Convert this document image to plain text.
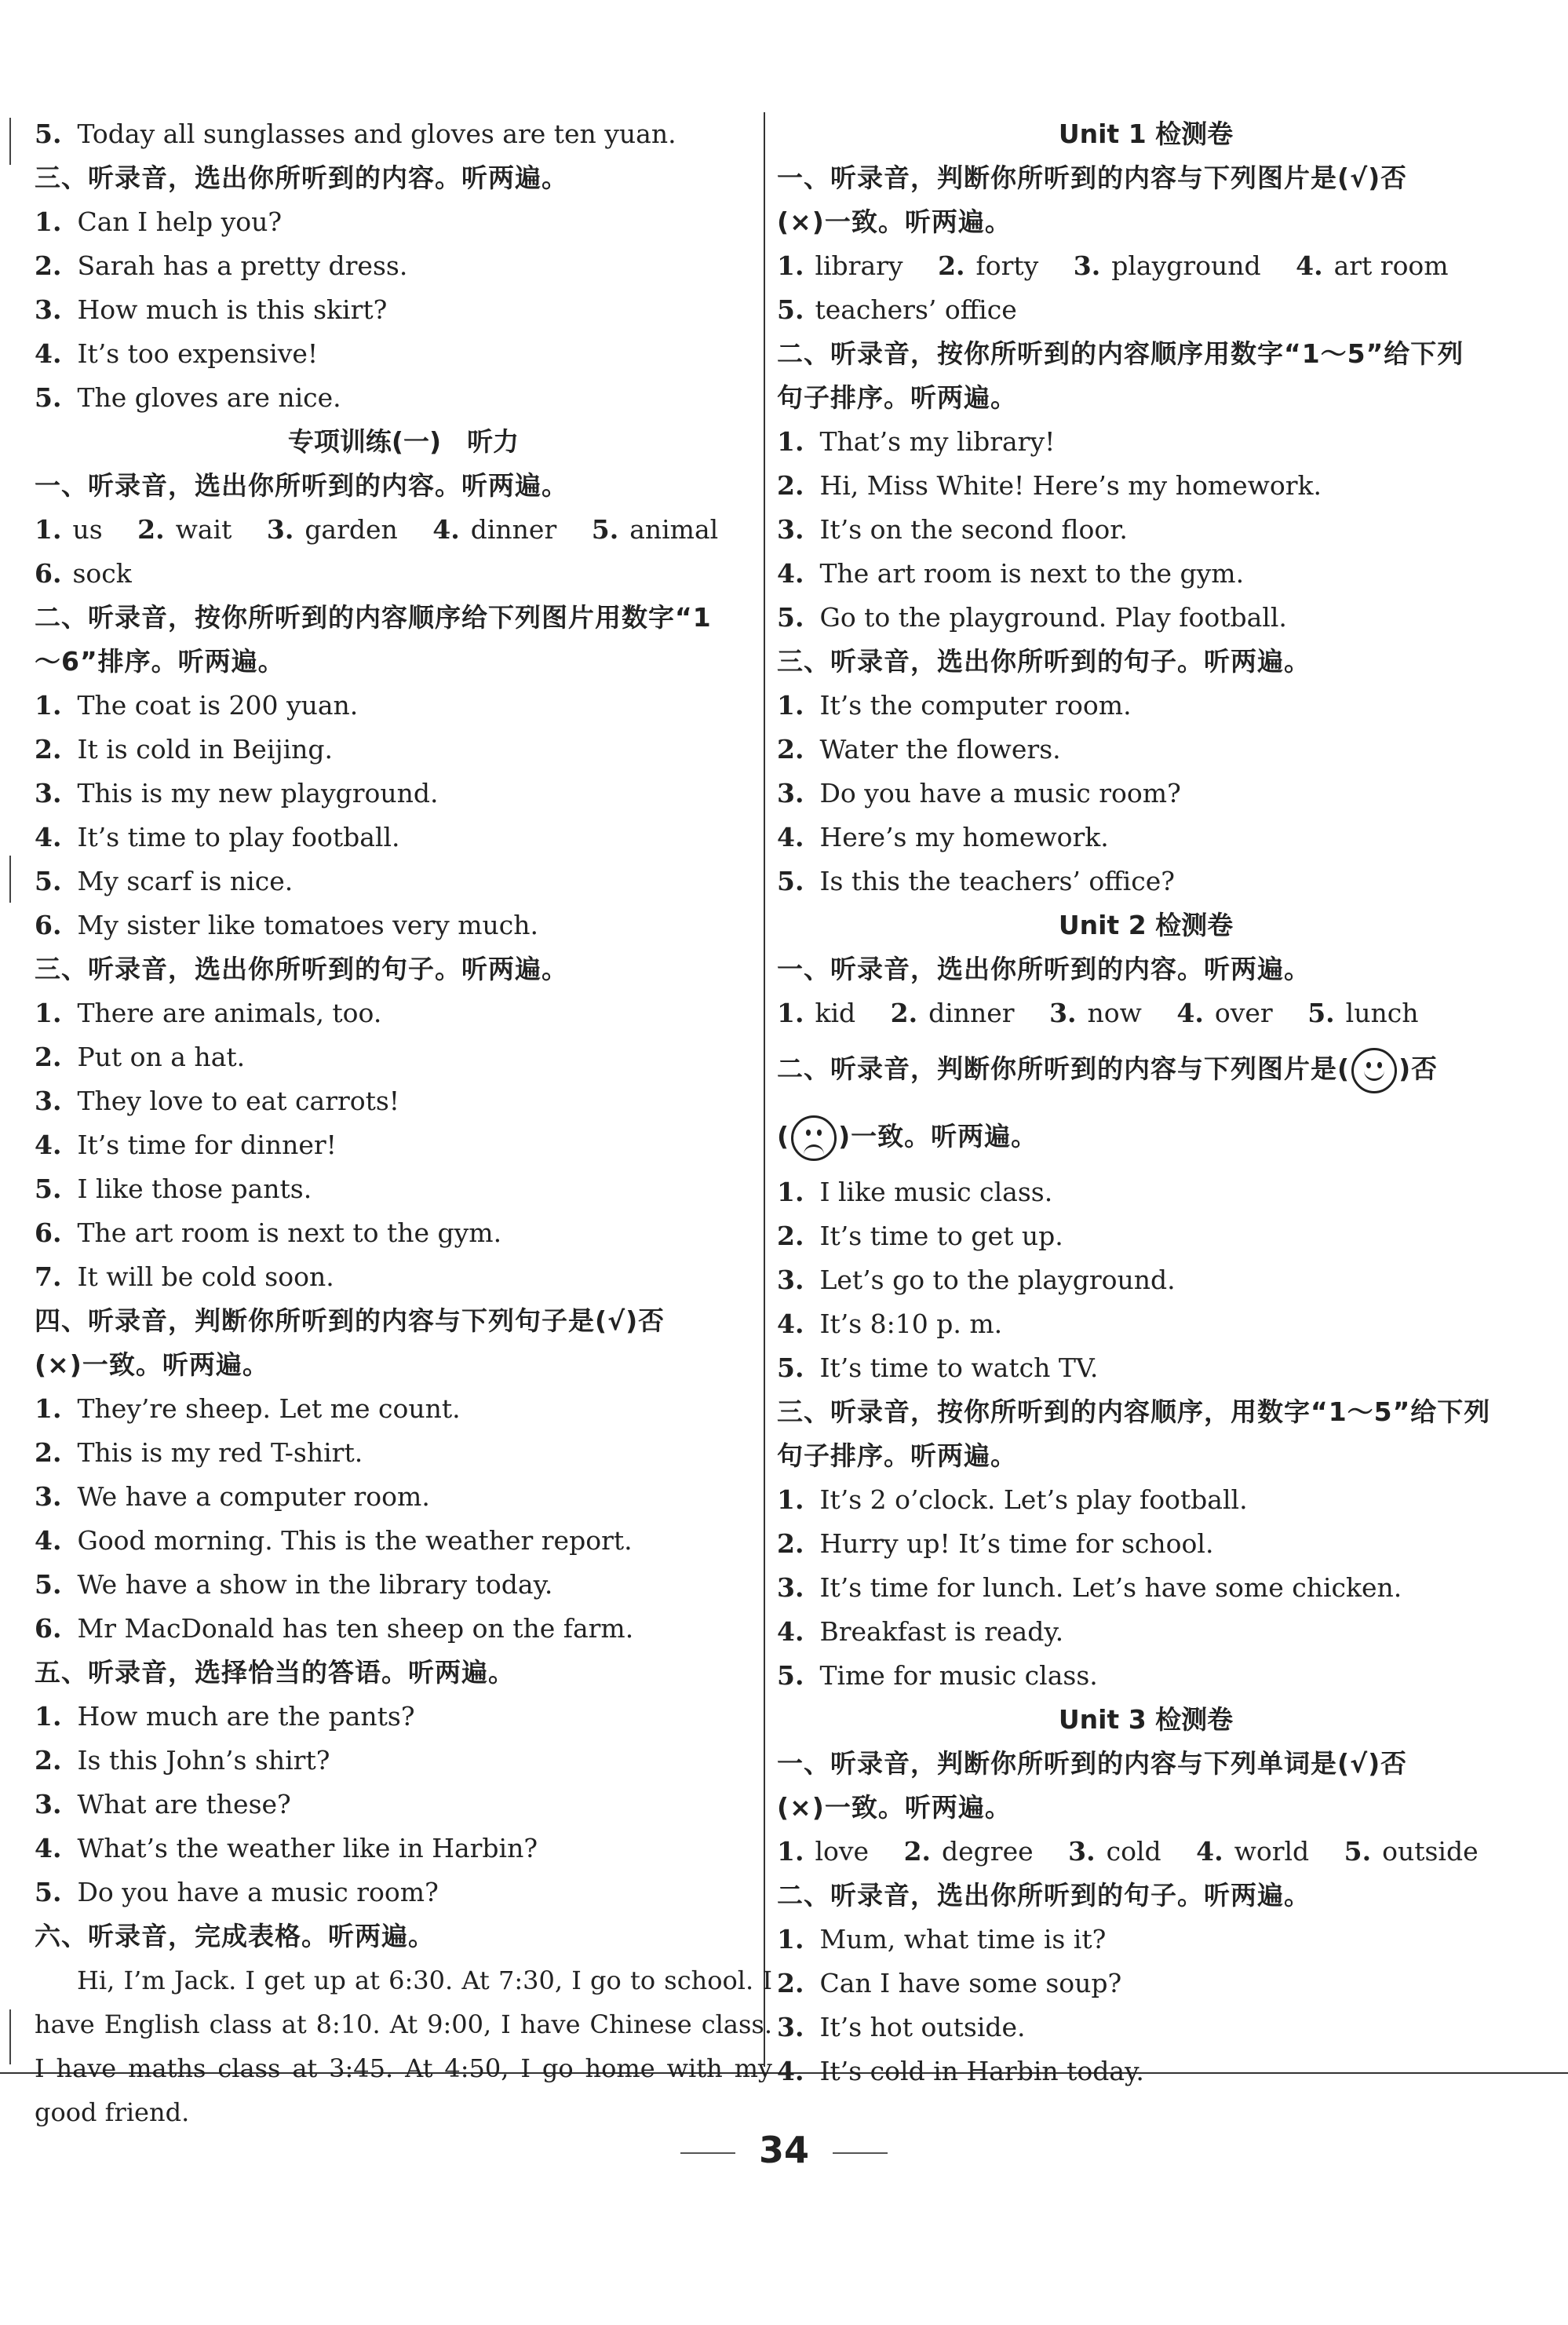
5. Today all sunglasses and gloves are ten yuan.
三、听录音，选出你所听到的内容。听两遍。
1. Can I help you?
2. Sarah has a pretty dress.
3. How much is this skirt?
4. It’s too expensive!
5. The gloves are nice.
专项训练(一)　听力
一、听录音，选出你所听到的内容。听两遍。
1. us 2. wait 3. garden 4. dinner 5. animal
6. sock
二、听录音，按你所听到的内容顺序给下列图片用数字“1
～6”排序。听两遍。
1. The coat is 200 yuan.
2. It is cold in Beijing.
3. This is my new playground.
4. It’s time to play football.
5. My scarf is nice.
6. My sister like tomatoes very much.
三、听录音，选出你所听到的句子。听两遍。
1. There are animals, too.
2. Put on a hat.
3. They love to eat carrots!
4. It’s time for dinner!
5. I like those pants.
6. The art room is next to the gym.
7. It will be cold soon.
四、听录音，判断你所听到的内容与下列句子是(√)否
(×)一致。听两遍。
1. They’re sheep. Let me count.
2. This is my red T-shirt.
3. We have a computer room.
4. Good morning. This is the weather report.
5. We have a show in the library today.
6. Mr MacDonald has ten sheep on the farm.
五、听录音，选择恰当的答语。听两遍。
1. How much are the pants?
2. Is this John’s shirt?
3. What are these?
4. What’s the weather like in Harbin?
5. Do you have a music room?
六、听录音，完成表格。听两遍。
Hi, I’m Jack. I get up at 6:30. At 7:30, I go to school. I have English class at 8:10. At 9:00, I have Chinese class. I have maths class at 3:45. At 4:50, I go home with my good friend.
Unit 1 检测卷
一、听录音，判断你所听到的内容与下列图片是(√)否
(×)一致。听两遍。
1. library 2. forty 3. playground 4. art room
5. teachers’ office
二、听录音，按你所听到的内容顺序用数字“1～5”给下列
句子排序。听两遍。
1. That’s my library!
2. Hi, Miss White! Here’s my homework.
3. It’s on the second floor.
4. The art room is next to the gym.
5. Go to the playground. Play football.
三、听录音，选出你所听到的句子。听两遍。
1. It’s the computer room.
2. Water the flowers.
3. Do you have a music room?
4. Here’s my homework.
5. Is this the teachers’ office?
Unit 2 检测卷
一、听录音，选出你所听到的内容。听两遍。
1. kid 2. dinner 3. now 4. over 5. lunch
二、听录音，判断你所听到的内容与下列图片是( )否
( )一致。听两遍。
1. I like music class.
2. It’s time to get up.
3. Let’s go to the playground.
4. It’s 8:10 p. m.
5. It’s time to watch TV.
三、听录音，按你所听到的内容顺序，用数字“1～5”给下列
句子排序。听两遍。
1. It’s 2 o’clock. Let’s play football.
2. Hurry up! It’s time for school.
3. It’s time for lunch. Let’s have some chicken.
4. Breakfast is ready.
5. Time for music class.
Unit 3 检测卷
一、听录音，判断你所听到的内容与下列单词是(√)否
(×)一致。听两遍。
1. love 2. degree 3. cold 4. world 5. outside
二、听录音，选出你所听到的句子。听两遍。
1. Mum, what time is it?
2. Can I have some soup?
3. It’s hot outside.
4. It’s cold in Harbin today.
34
